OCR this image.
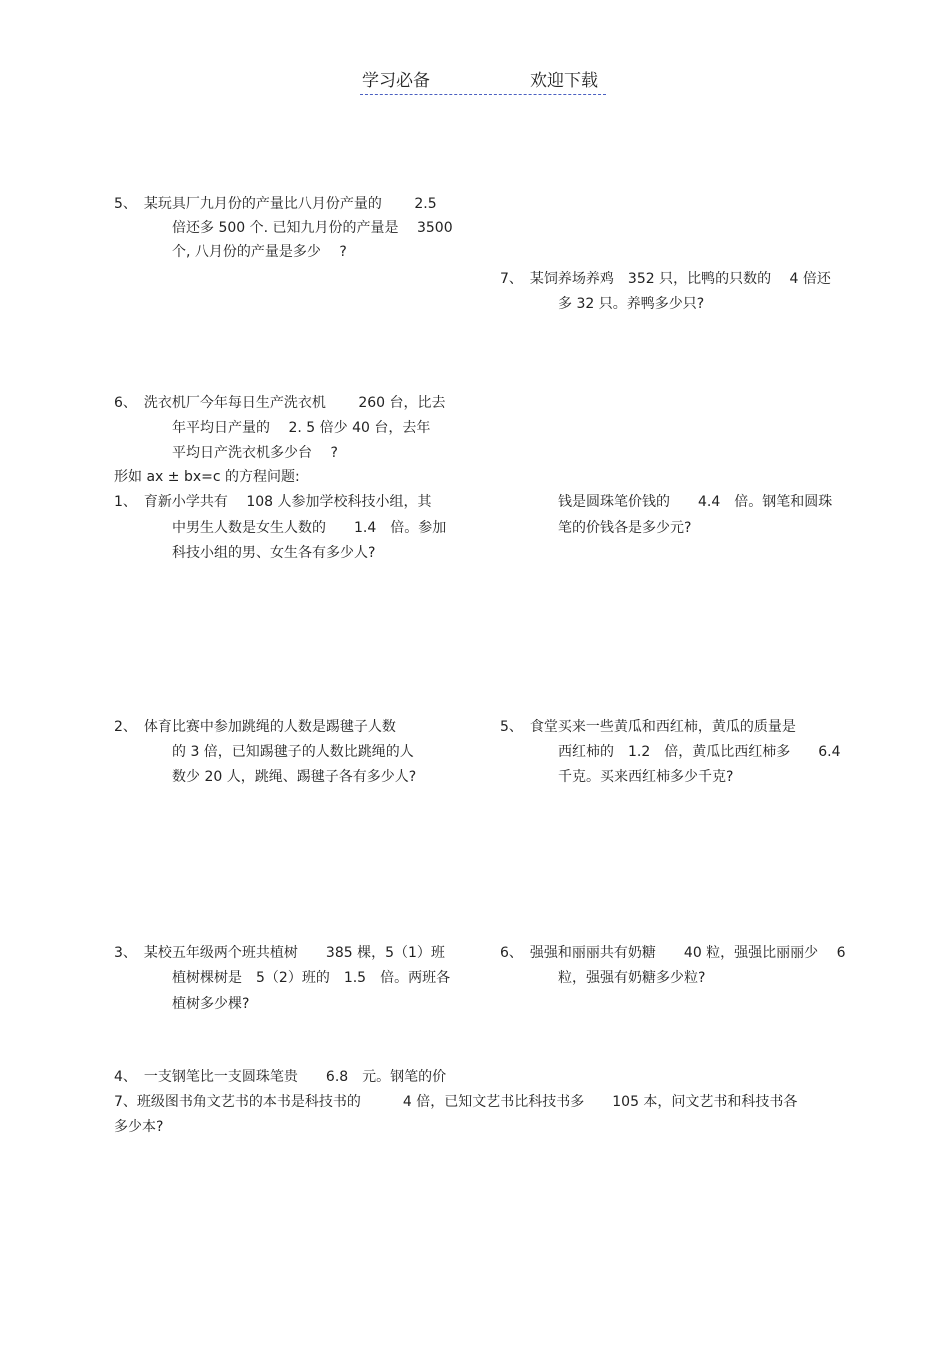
学习必备	欢迎下载
5、　某玩具厂九月份的产量比八月份产量的　　 2.5
倍还多 500 个. 已知九月份的产量是　 3500
个, 八月份的产量是多少　 ?
7、　某饲养场养鸡　352 只，比鸭的只数的　 4 倍还
多 32 只。养鸭多少只?
6、　洗衣机厂今年每日生产洗衣机　　 260 台，比去
年平均日产量的　 2. 5 倍少 40 台，去年
平均日产洗衣机多少台　 ?
形如 ax ± bx=c 的方程问题:
1、　育新小学共有　 108 人参加学校科技小组，其
中男生人数是女生人数的　　1.4　倍。参加
科技小组的男、女生各有多少人?
钱是圆珠笔价钱的　　4.4　倍。钢笔和圆珠
笔的价钱各是多少元?
2、　体育比赛中参加跳绳的人数是踢毽子人数
的 3 倍，已知踢毽子的人数比跳绳的人
数少 20 人，跳绳、踢毽子各有多少人?
5、　食堂买来一些黄瓜和西红柿，黄瓜的质量是
西红柿的　1.2　倍，黄瓜比西红柿多　　6.4
千克。买来西红柿多少千克?
3、　某校五年级两个班共植树　　385 棵，5（1）班
植树棵树是　5（2）班的　1.5　倍。两班各
植树多少棵?
6、　强强和丽丽共有奶糖　　40 粒，强强比丽丽少　 6
粒，强强有奶糖多少粒?
4、　一支钢笔比一支圆珠笔贵　　6.8　元。钢笔的价
7、班级图书角文艺书的本书是科技书的　　　4 倍，已知文艺书比科技书多　　105 本，问文艺书和科技书各
多少本?
